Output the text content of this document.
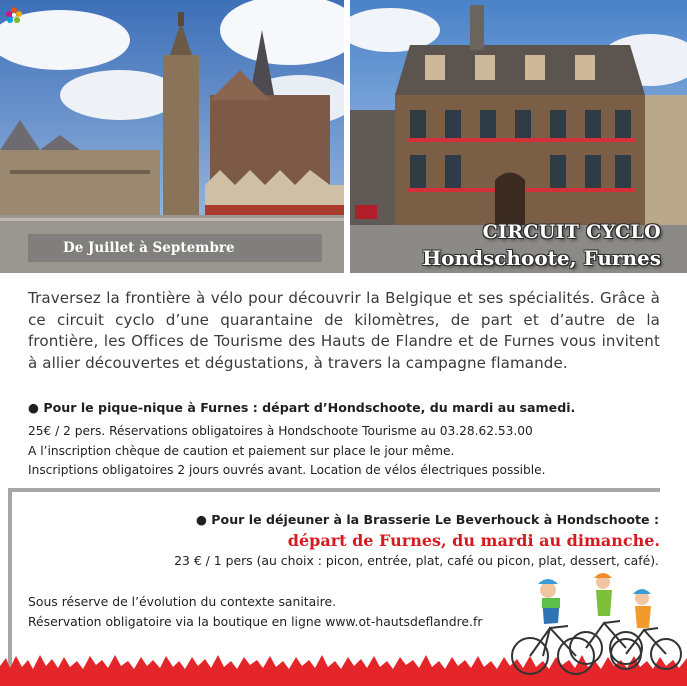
De Juillet à Septembre
CIRCUIT CYCLO
Hondschoote, Furnes
Traversez la frontière à vélo pour découvrir la Belgique et ses spécialités. Grâce à ce circuit cyclo d’une quarantaine de kilomètres, de part et d’autre de la frontière, les Offices de Tourisme des Hauts de Flandre et de Furnes vous invitent à allier découvertes et dégustations, à travers la campagne flamande.
● Pour le pique-nique à Furnes : départ d’Hondschoote, du mardi au samedi.
25€ / 2 pers. Réservations obligatoires à Hondschoote Tourisme au 03.28.62.53.00
A l’inscription chèque de caution et paiement sur place le jour même.
Inscriptions obligatoires 2 jours ouvrés avant. Location de vélos électriques possible.
● Pour le déjeuner à la Brasserie Le Beverhouck à Hondschoote :
départ de Furnes, du mardi au dimanche.
23 € / 1 pers (au choix : picon, entrée, plat, café ou picon, plat, dessert, café).
Sous réserve de l’évolution du contexte sanitaire.
Réservation obligatoire via la boutique en ligne www.ot-hautsdeflandre.fr
